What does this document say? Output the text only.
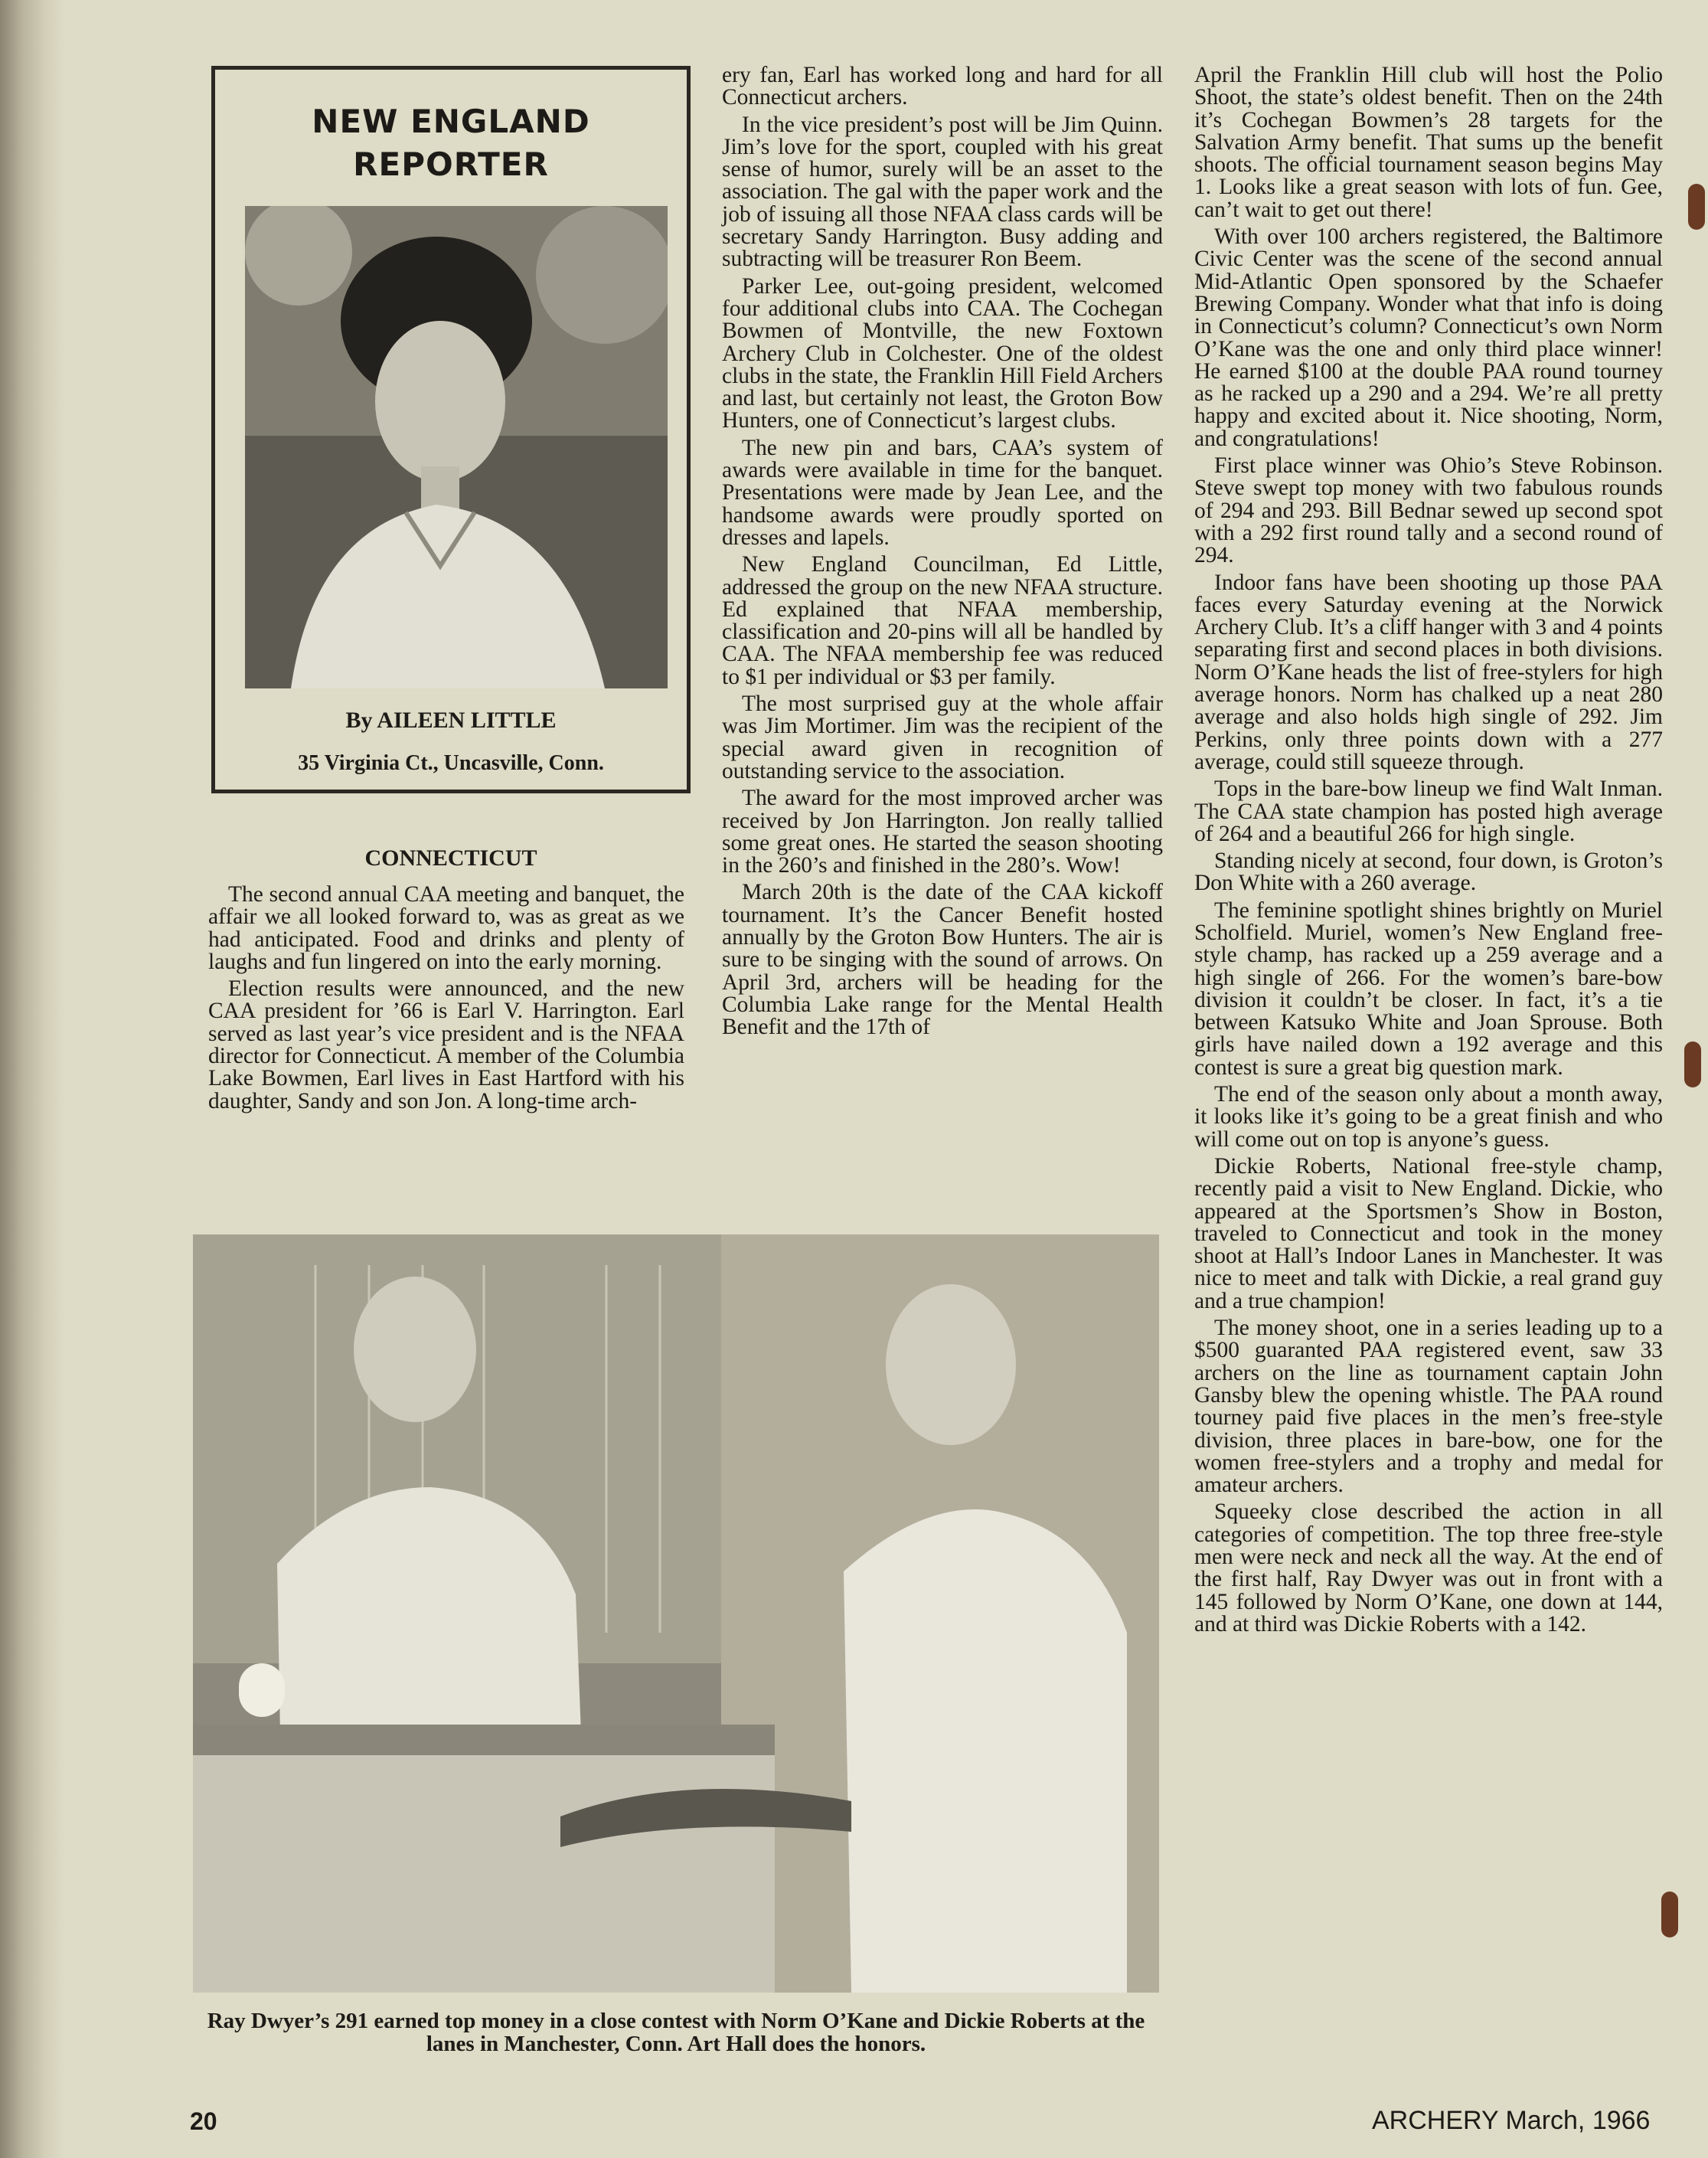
NEW ENGLAND
REPORTER
By AILEEN LITTLE
35 Virginia Ct., Uncasville, Conn.
CONNECTICUT

The second annual CAA meeting and banquet, the affair we all looked forward to, was as great as we had anticipated. Food and drinks and plenty of laughs and fun lingered on into the early morning.

Election results were announced, and the new CAA president for ’66 is Earl V. Harrington. Earl served as last year’s vice president and is the NFAA director for Connecticut. A member of the Columbia Lake Bowmen, Earl lives in East Hartford with his daughter, Sandy and son Jon. A long-time arch-

ery fan, Earl has worked long and hard for all Connecticut archers.

In the vice president’s post will be Jim Quinn. Jim’s love for the sport, coupled with his great sense of humor, surely will be an asset to the association. The gal with the paper work and the job of issuing all those NFAA class cards will be secretary Sandy Harrington. Busy adding and subtracting will be treasurer Ron Beem.

Parker Lee, out-going president, welcomed four additional clubs into CAA. The Cochegan Bowmen of Montville, the new Foxtown Archery Club in Colchester. One of the oldest clubs in the state, the Franklin Hill Field Archers and last, but certainly not least, the Groton Bow Hunters, one of Connecticut’s largest clubs.

The new pin and bars, CAA’s system of awards were available in time for the banquet. Presentations were made by Jean Lee, and the handsome awards were proudly sported on dresses and lapels.

New England Councilman, Ed Little, addressed the group on the new NFAA structure. Ed explained that NFAA membership, classification and 20-pins will all be handled by CAA. The NFAA membership fee was reduced to $1 per individual or $3 per family.

The most surprised guy at the whole affair was Jim Mortimer. Jim was the recipient of the special award given in recognition of outstanding service to the association.

The award for the most improved archer was received by Jon Harrington. Jon really tallied some great ones. He started the season shooting in the 260’s and finished in the 280’s. Wow!

March 20th is the date of the CAA kickoff tournament. It’s the Cancer Benefit hosted annually by the Groton Bow Hunters. The air is sure to be singing with the sound of arrows. On April 3rd, archers will be heading for the Columbia Lake range for the Mental Health Benefit and the 17th of

April the Franklin Hill club will host the Polio Shoot, the state’s oldest benefit. Then on the 24th it’s Cochegan Bowmen’s 28 targets for the Salvation Army benefit. That sums up the benefit shoots. The official tournament season begins May 1. Looks like a great season with lots of fun. Gee, can’t wait to get out there!

With over 100 archers registered, the Baltimore Civic Center was the scene of the second annual Mid-Atlantic Open sponsored by the Schaefer Brewing Company. Wonder what that info is doing in Connecticut’s column? Connecticut’s own Norm O’Kane was the one and only third place winner! He earned $100 at the double PAA round tourney as he racked up a 290 and a 294. We’re all pretty happy and excited about it. Nice shooting, Norm, and congratulations!

First place winner was Ohio’s Steve Robinson. Steve swept top money with two fabulous rounds of 294 and 293. Bill Bednar sewed up second spot with a 292 first round tally and a second round of 294.

Indoor fans have been shooting up those PAA faces every Saturday evening at the Norwick Archery Club. It’s a cliff hanger with 3 and 4 points separating first and second places in both divisions. Norm O’Kane heads the list of free-stylers for high average honors. Norm has chalked up a neat 280 average and also holds high single of 292. Jim Perkins, only three points down with a 277 average, could still squeeze through.

Tops in the bare-bow lineup we find Walt Inman. The CAA state champion has posted high average of 264 and a beautiful 266 for high single.

Standing nicely at second, four down, is Groton’s Don White with a 260 average.

The feminine spotlight shines brightly on Muriel Scholfield. Muriel, women’s New England free-style champ, has racked up a 259 average and a high single of 266. For the women’s bare-bow division it couldn’t be closer. In fact, it’s a tie between Katsuko White and Joan Sprouse. Both girls have nailed down a 192 average and this contest is sure a great big question mark.

The end of the season only about a month away, it looks like it’s going to be a great finish and who will come out on top is anyone’s guess.

Dickie Roberts, National free-style champ, recently paid a visit to New England. Dickie, who appeared at the Sportsmen’s Show in Boston, traveled to Connecticut and took in the money shoot at Hall’s Indoor Lanes in Manchester. It was nice to meet and talk with Dickie, a real grand guy and a true champion!

The money shoot, one in a series leading up to a $500 guaranted PAA registered event, saw 33 archers on the line as tournament captain John Gansby blew the opening whistle. The PAA round tourney paid five places in the men’s free-style division, three places in bare-bow, one for the women free-stylers and a trophy and medal for amateur archers.

Squeeky close described the action in all categories of competition. The top three free-style men were neck and neck all the way. At the end of the first half, Ray Dwyer was out in front with a 145 followed by Norm O’Kane, one down at 144, and at third was Dickie Roberts with a 142.

Ray Dwyer’s 291 earned top money in a close contest with Norm O’Kane and Dickie Roberts at the lanes in Manchester, Conn. Art Hall does the honors.
20	ARCHERY March, 1966
